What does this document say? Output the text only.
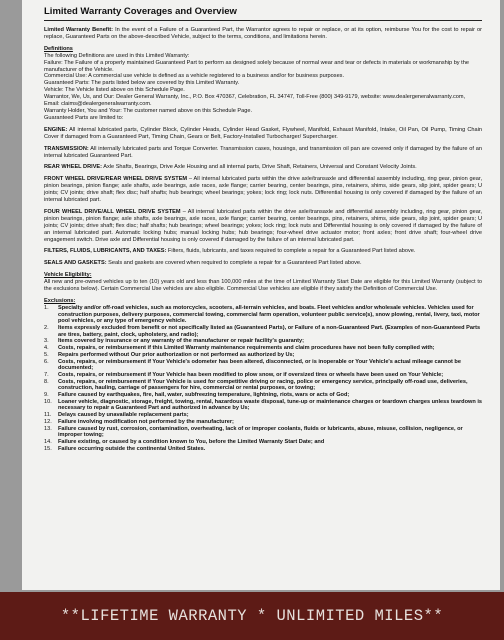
Limited Warranty Coverages and Overview

Limited Warranty Benefit: In the event of a Failure of a Guaranteed Part, the Warrantor agrees to repair or replace, or at its option, reimburse You for the cost to repair or replace, Guaranteed Parts on the above-described Vehicle, subject to the terms, conditions, and limitations herein.

Definitions
The following Definitions are used in this Limited Warranty:
Failure: The Failure of a properly maintained Guaranteed Part to perform as designed solely because of normal wear and tear or defects in materials or workmanship by the manufacturer of the Vehicle.
Commercial Use: A commercial use vehicle is defined as a vehicle registered to a business and/or for business purposes.
Guaranteed Parts: The parts listed below are covered by this Limited Warranty.
Vehicle: The Vehicle listed above on this Schedule Page.
Warrantor, We, Us, and Our: Dealer General Warranty, Inc., P.O. Box 470367, Celebration, FL 34747, Toll-Free (800) 349-9179, website: www.dealergeneralwarranty.com, Email: claims@dealergeneralwarranty.com.
Warranty Holder, You and Your: The customer named above on this Schedule Page.
Guaranteed Parts are limited to:

ENGINE: All internal lubricated parts, Cylinder Block, Cylinder Heads, Cylinder Head Gasket, Flywheel, Manifold, Exhaust Manifold, Intake, Oil Pan, Oil Pump, Timing Chain Cover if damaged from a Guaranteed Part, Timing Chain, Gears or Belt, Factory-Installed Turbocharger/ Supercharger.

TRANSMISSION: All internally lubricated parts and Torque Converter. Transmission cases, housings, and transmission oil pan are covered only if damaged by the failure of an internal lubricated Guaranteed Part.

REAR WHEEL DRIVE: Axle Shafts, Bearings, Drive Axle Housing and all internal parts, Drive Shaft, Retainers, Universal and Constant Velocity Joints.

FRONT WHEEL DRIVE/REAR WHEEL DRIVE SYSTEM – All internal lubricated parts within the drive axle/transaxle and differential assembly including, ring gear, pinion gear, pinion bearings, pinion flange; axle shafts, axle bearings, axle races, axle flange; carrier bearing, center bearings, pins, retainers, shims, side gears, slip joint, spider gears; U joints; CV joints; drive shaft; flex disc; half shafts; hub bearings; wheel bearings; yokes; lock ring; lock nuts. Differential housing is only covered if damaged by the failure of an internal lubricated part.

FOUR WHEEL DRIVE/ALL WHEEL DRIVE SYSTEM – All internal lubricated parts within the drive axle/transaxle and differential assembly including, ring gear, pinion gear, pinion bearings, pinion flange; axle shafts, axle bearings, axle races, axle flange; carrier bearing, center bearings, pins, retainers, shims, side gears, slip joint, spider gears; U joints; CV joints; drive shaft; flex disc; half shafts; hub bearings; wheel bearings; yokes; lock ring; lock nuts and Differential housing is only covered if damaged by the failure of an internal lubricated part. Automatic locking hubs; manual locking hubs; hub bearings; four-wheel drive actuator motor; front axles; front drive shaft; four-wheel drive engagement switch. Drive axle and Differential housing is only covered if damaged by the failure of an internal lubricated part.

FILTERS, FLUIDS, LUBRICANTS, AND TAXES: Filters, fluids, lubricants, and taxes required to complete a repair for a Guaranteed Part listed above.

SEALS AND GASKETS: Seals and gaskets are covered when required to complete a repair for a Guaranteed Part listed above.

Vehicle Eligibility:
All new and pre-owned vehicles up to ten (10) years old and less than 100,000 miles at the time of Limited Warranty Start Date are eligible for this Limited Warranty (subject to the exclusions below). Certain Commercial Use vehicles are also eligible. Commercial Use vehicles are eligible if they satisfy the Definition of Commercial Use.

Exclusions:
1.	Specialty and/or off-road vehicles, such as motorcycles, scooters, all-terrain vehicles, and boats. Fleet vehicles and/or wholesale vehicles. Vehicles used for construction purposes, delivery purposes, commercial towing, commercial farm operation, volunteer public service(s), snow plowing, rental, livery, taxi, motor pool vehicles, or any type of emergency vehicle.
2.	Items expressly excluded from benefit or not specifically listed as (Guaranteed Parts), or Failure of a non-Guaranteed Part. (Examples of non-Guaranteed Parts are tires, battery, paint, clock, upholstery, and radio);
3.	Items covered by insurance or any warranty of the manufacturer or repair facility's guaranty;
4.	Costs, repairs, or reimbursement if this Limited Warranty maintenance requirements and claim procedures have not been fully complied with;
5.	Repairs performed without Our prior authorization or not performed as authorized by Us;
6.	Costs, repairs, or reimbursement if Your Vehicle's odometer has been altered, disconnected, or is inoperable or Your Vehicle's actual mileage cannot be documented;
7.	Costs, repairs, or reimbursement if Your Vehicle has been modified to plow snow, or if oversized tires or wheels have been used on Your Vehicle;
8.	Costs, repairs, or reimbursement if Your Vehicle is used for competitive driving or racing, police or emergency service, principally off-road use, deliveries, construction, hauling, carriage of passengers for hire, commercial or rental purposes, or towing;
9.	Failure caused by earthquakes, fire, hail, water, subfreezing temperature, lightning, riots, wars or acts of God;
10.	Loaner vehicle, diagnostic, storage, freight, towing, rental, hazardous waste disposal, tune-up or maintenance charges or teardown charges unless teardown is necessary to repair a Guaranteed Part and authorized in advance by Us;
11.	Delays caused by unavailable replacement parts;
12.	Failure involving modification not performed by the manufacturer;
13.	Failure caused by rust, corrosion, contamination, overheating, lack of or improper coolants, fluids or lubricants, abuse, misuse, collision, negligence, or improper towing;
14.	Failure existing, or caused by a condition known to You, before the Limited Warranty Start Date; and
15.	Failure occurring outside the continental United States.
**LIFETIME WARRANTY * UNLIMITED MILES**
